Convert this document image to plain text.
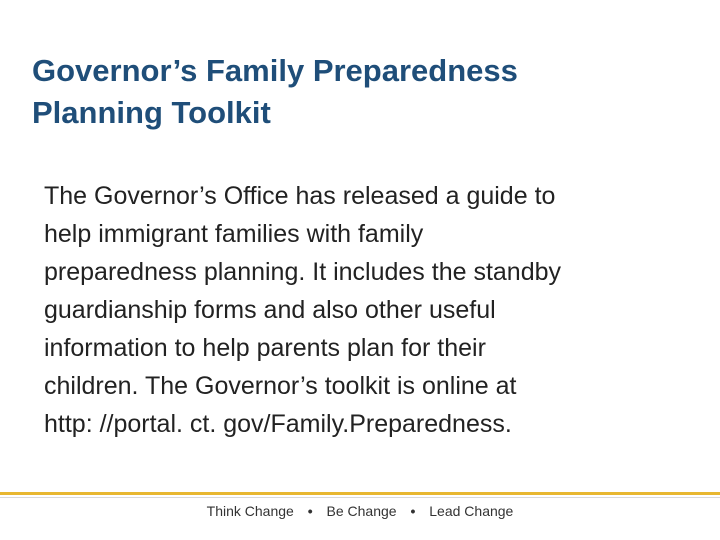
Governor’s Family Preparedness
Planning Toolkit
The Governor’s Office has released a guide to
help immigrant families with family
preparedness planning. It includes the standby
guardianship forms and also other useful
information to help parents plan for their
children. The Governor’s toolkit is online at
http: //portal. ct. gov/Family.Preparedness.
Think Change • Be Change • Lead Change
